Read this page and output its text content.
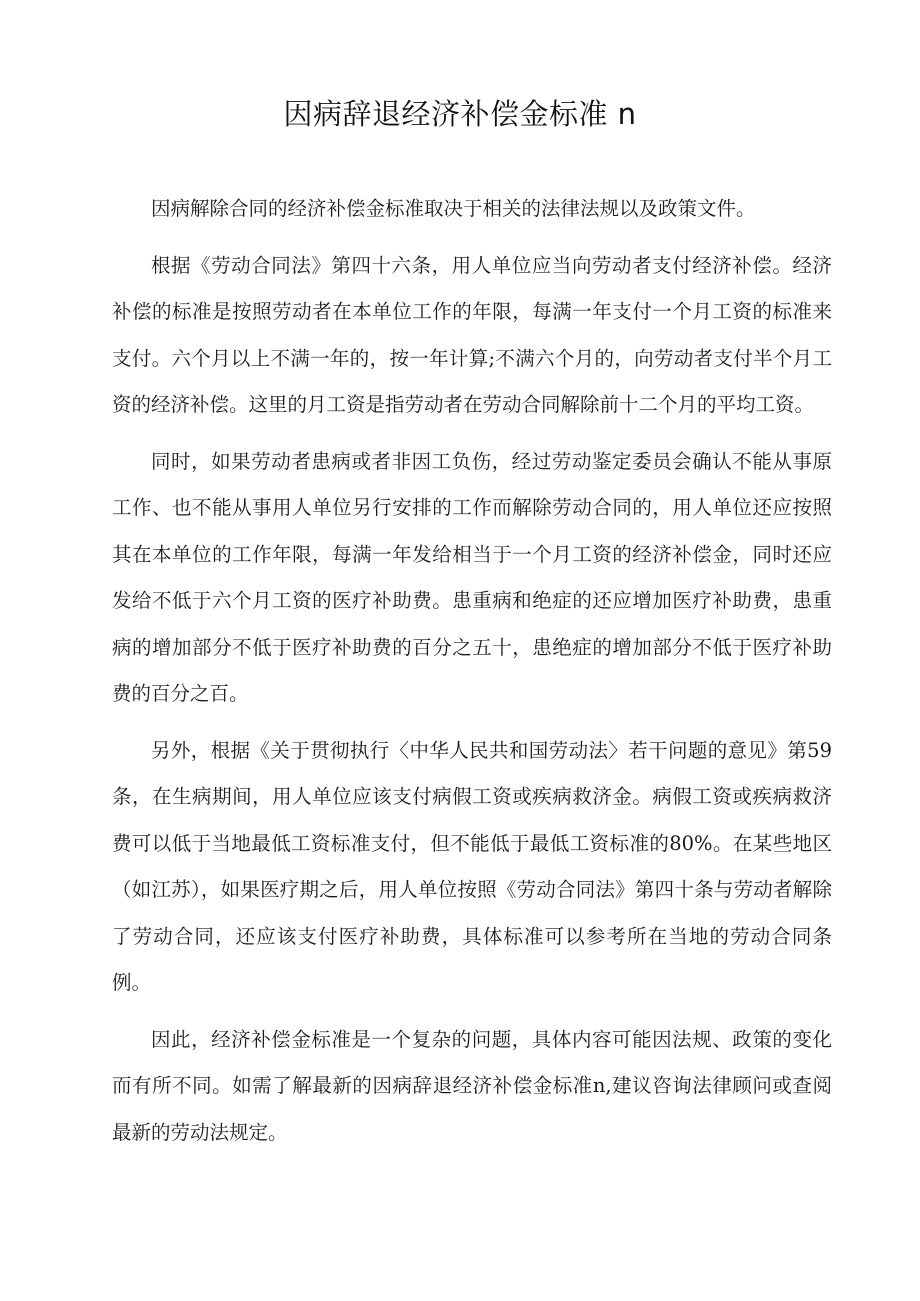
因病辞退经济补偿金标准 n

因病解除合同的经济补偿金标准取决于相关的法律法规以及政策文件。

根据《劳动合同法》第四十六条，用人单位应当向劳动者支付经济补偿。经济补偿的标准是按照劳动者在本单位工作的年限，每满一年支付一个月工资的标准来支付。六个月以上不满一年的，按一年计算;不满六个月的，向劳动者支付半个月工资的经济补偿。这里的月工资是指劳动者在劳动合同解除前十二个月的平均工资。

同时，如果劳动者患病或者非因工负伤，经过劳动鉴定委员会确认不能从事原工作、也不能从事用人单位另行安排的工作而解除劳动合同的，用人单位还应按照其在本单位的工作年限，每满一年发给相当于一个月工资的经济补偿金，同时还应发给不低于六个月工资的医疗补助费。患重病和绝症的还应增加医疗补助费，患重病的增加部分不低于医疗补助费的百分之五十，患绝症的增加部分不低于医疗补助费的百分之百。

另外，根据《关于贯彻执行〈中华人民共和国劳动法〉若干问题的意见》第59条，在生病期间，用人单位应该支付病假工资或疾病救济金。病假工资或疾病救济费可以低于当地最低工资标准支付，但不能低于最低工资标准的80%。在某些地区（如江苏），如果医疗期之后，用人单位按照《劳动合同法》第四十条与劳动者解除了劳动合同，还应该支付医疗补助费，具体标准可以参考所在当地的劳动合同条例。

因此，经济补偿金标准是一个复杂的问题，具体内容可能因法规、政策的变化而有所不同。如需了解最新的因病辞退经济补偿金标准n,建议咨询法律顾问或查阅最新的劳动法规定。
